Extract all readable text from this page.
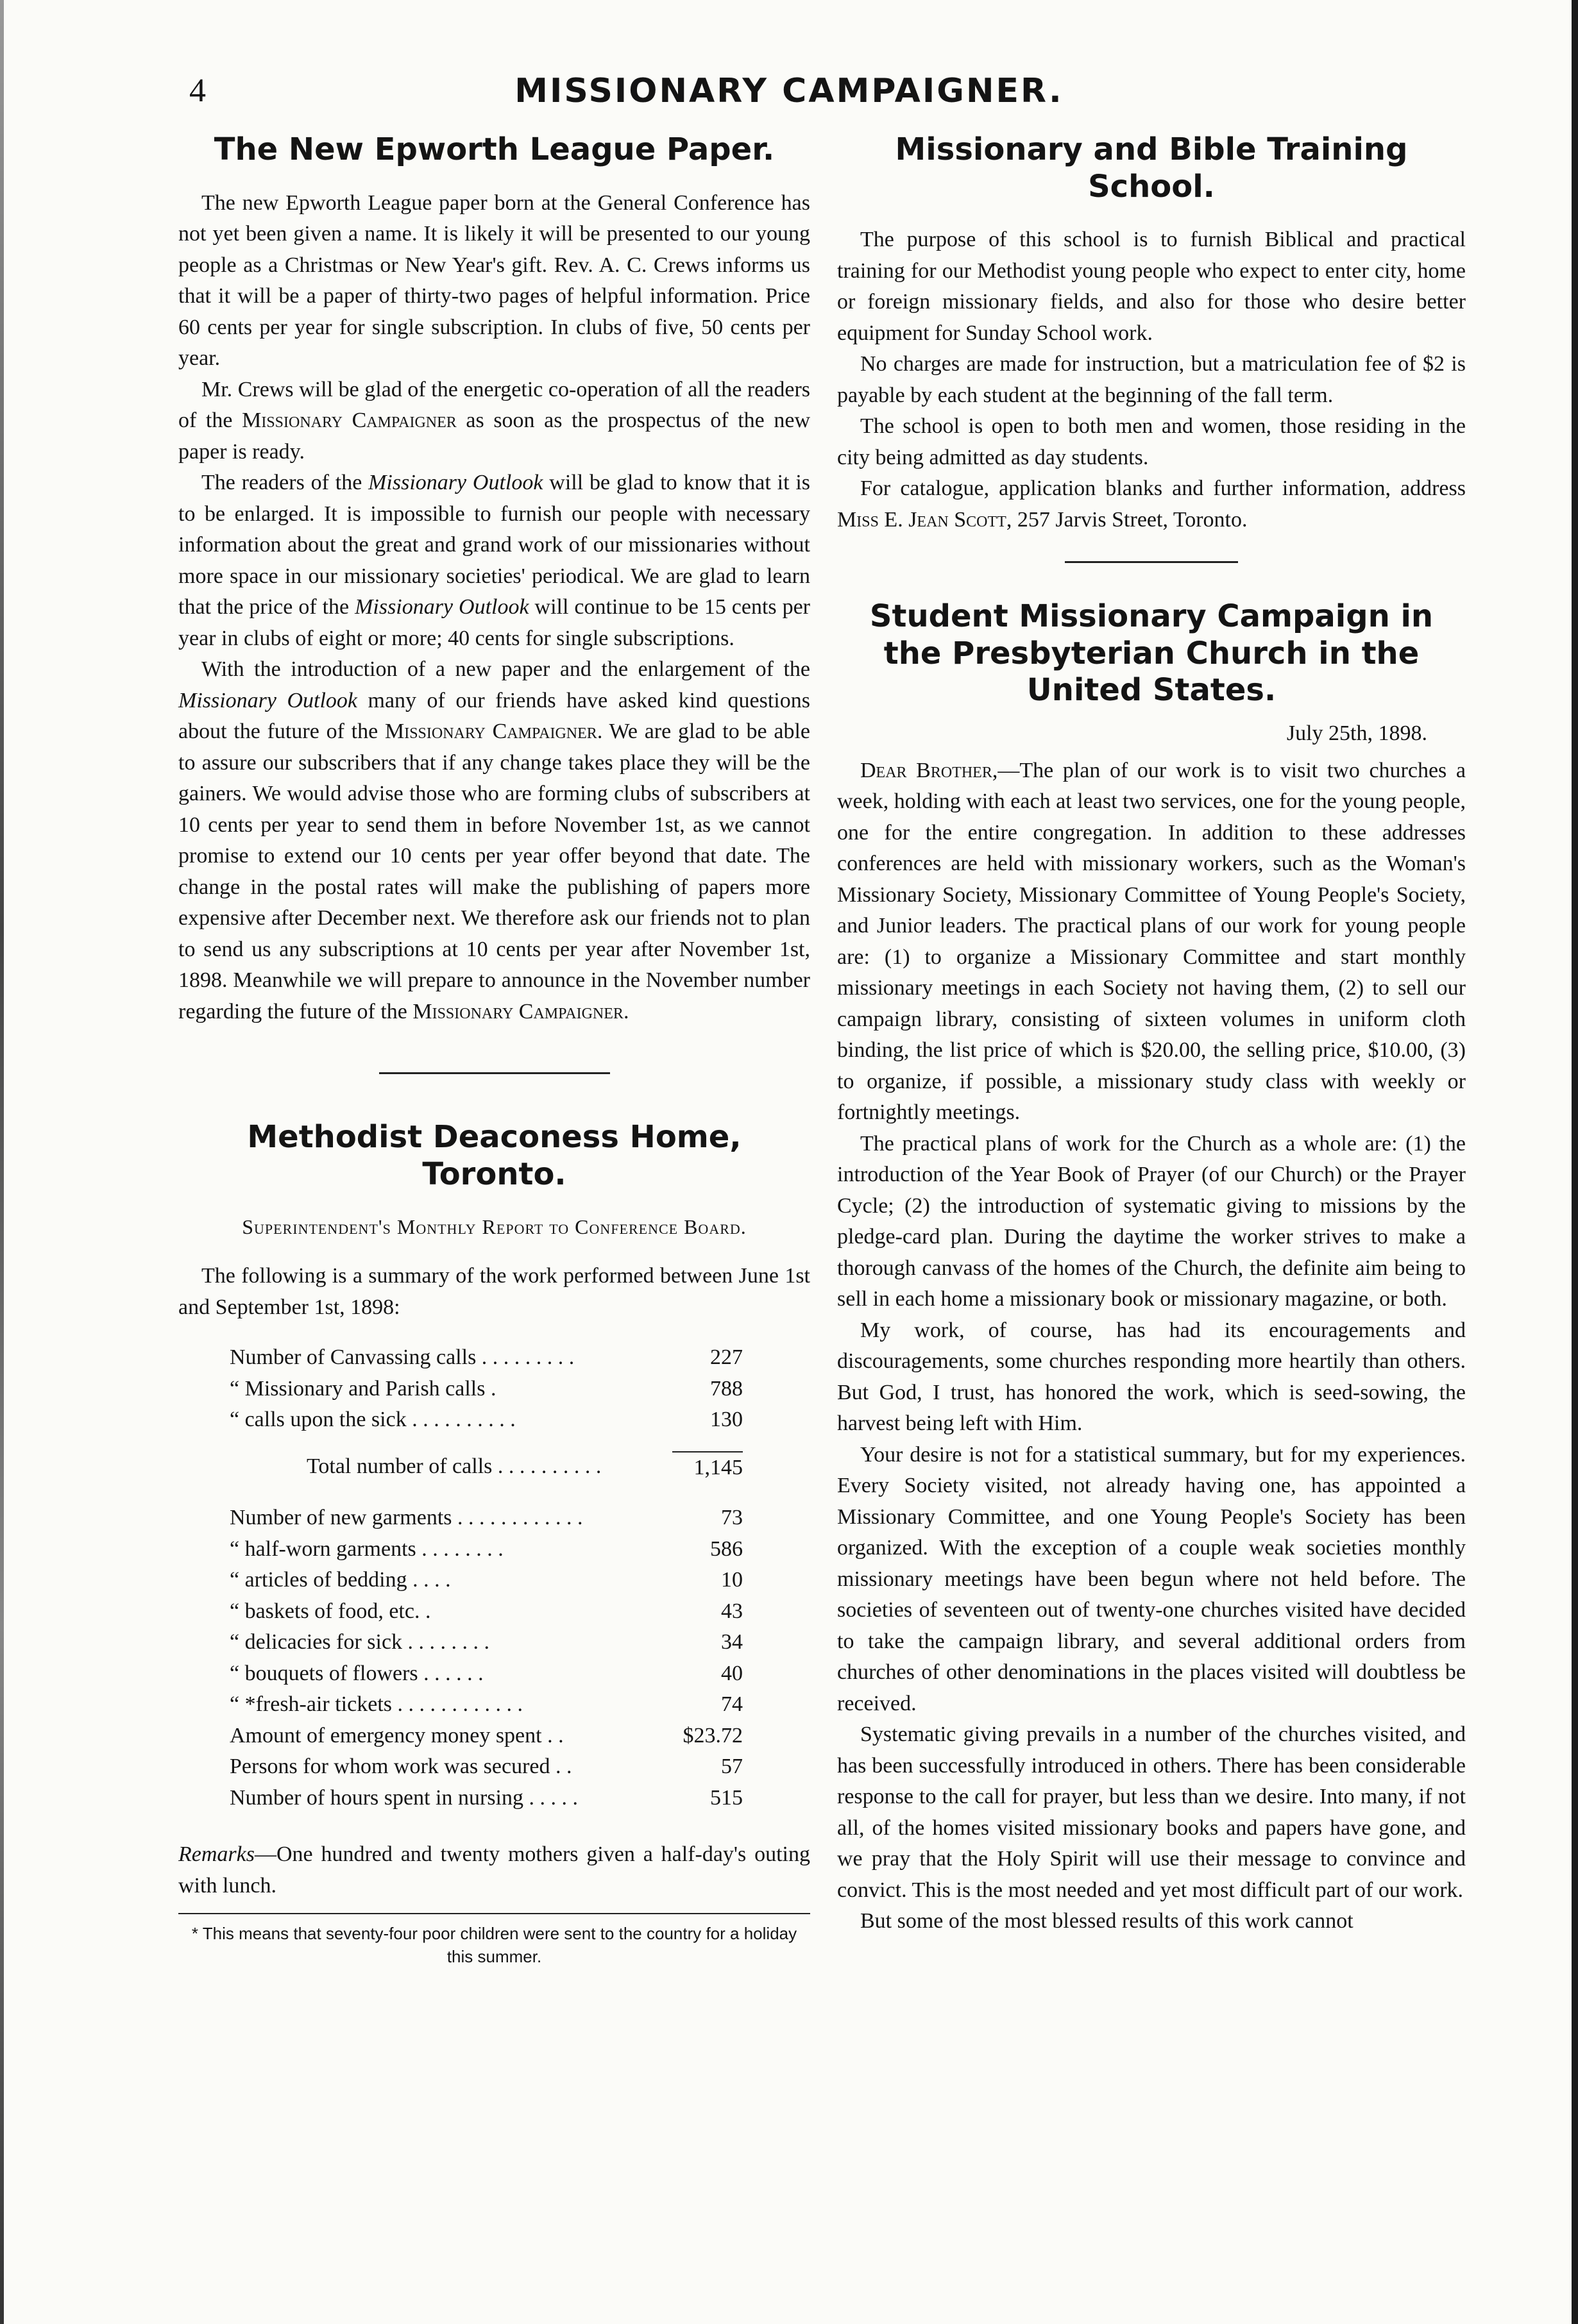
4	MISSIONARY CAMPAIGNER.
The New Epworth League Paper.

The new Epworth League paper born at the General Conference has not yet been given a name. It is likely it will be presented to our young people as a Christmas or New Year's gift. Rev. A. C. Crews informs us that it will be a paper of thirty-two pages of helpful information. Price 60 cents per year for single subscription. In clubs of five, 50 cents per year.

Mr. Crews will be glad of the energetic co-operation of all the readers of the Missionary Campaigner as soon as the prospectus of the new paper is ready.

The readers of the Missionary Outlook will be glad to know that it is to be enlarged. It is impossible to furnish our people with necessary information about the great and grand work of our missionaries without more space in our missionary societies' periodical. We are glad to learn that the price of the Missionary Outlook will continue to be 15 cents per year in clubs of eight or more; 40 cents for single subscriptions.

With the introduction of a new paper and the enlargement of the Missionary Outlook many of our friends have asked kind questions about the future of the Missionary Campaigner. We are glad to be able to assure our subscribers that if any change takes place they will be the gainers. We would advise those who are forming clubs of subscribers at 10 cents per year to send them in before November 1st, as we cannot promise to extend our 10 cents per year offer beyond that date. The change in the postal rates will make the publishing of papers more expensive after December next. We therefore ask our friends not to plan to send us any subscriptions at 10 cents per year after November 1st, 1898. Meanwhile we will prepare to announce in the November number regarding the future of the Missionary Campaigner.

Methodist Deaconess Home, Toronto.
Superintendent's Monthly Report to Conference Board.

The following is a summary of the work performed between June 1st and September 1st, 1898:

Number of Canvassing calls . . . . . . . . .	227
“ Missionary and Parish calls .	788
“ calls upon the sick . . . . . . . . . .	130
Total number of calls . . . . . . . . . .	1,145
Number of new garments . . . . . . . . . . . .	73
“ half-worn garments . . . . . . . .	586
“ articles of bedding . . . .	10
“ baskets of food, etc. .	43
“ delicacies for sick . . . . . . . .	34
“ bouquets of flowers . . . . . .	40
“ *fresh-air tickets . . . . . . . . . . . .	74
Amount of emergency money spent . .	$23.72
Persons for whom work was secured . .	57
Number of hours spent in nursing . . . . .	515

Remarks—One hundred and twenty mothers given a half-day's outing with lunch.

* This means that seventy-four poor children were sent to the country for a holiday this summer.

Missionary and Bible Training School.

The purpose of this school is to furnish Biblical and practical training for our Methodist young people who expect to enter city, home or foreign missionary fields, and also for those who desire better equipment for Sunday School work.

No charges are made for instruction, but a matriculation fee of $2 is payable by each student at the beginning of the fall term.

The school is open to both men and women, those residing in the city being admitted as day students.

For catalogue, application blanks and further information, address Miss E. Jean Scott, 257 Jarvis Street, Toronto.

Student Missionary Campaign in the Presbyterian Church in the United States.
July 25th, 1898.

Dear Brother,—The plan of our work is to visit two churches a week, holding with each at least two services, one for the young people, one for the entire congregation. In addition to these addresses conferences are held with missionary workers, such as the Woman's Missionary Society, Missionary Committee of Young People's Society, and Junior leaders. The practical plans of our work for young people are: (1) to organize a Missionary Committee and start monthly missionary meetings in each Society not having them, (2) to sell our campaign library, consisting of sixteen volumes in uniform cloth binding, the list price of which is $20.00, the selling price, $10.00, (3) to organize, if possible, a missionary study class with weekly or fortnightly meetings.

The practical plans of work for the Church as a whole are: (1) the introduction of the Year Book of Prayer (of our Church) or the Prayer Cycle; (2) the introduction of systematic giving to missions by the pledge-card plan. During the daytime the worker strives to make a thorough canvass of the homes of the Church, the definite aim being to sell in each home a missionary book or missionary magazine, or both.

My work, of course, has had its encouragements and discouragements, some churches responding more heartily than others. But God, I trust, has honored the work, which is seed-sowing, the harvest being left with Him.

Your desire is not for a statistical summary, but for my experiences. Every Society visited, not already having one, has appointed a Missionary Committee, and one Young People's Society has been organized. With the exception of a couple weak societies monthly missionary meetings have been begun where not held before. The societies of seventeen out of twenty-one churches visited have decided to take the campaign library, and several additional orders from churches of other denominations in the places visited will doubtless be received.

Systematic giving prevails in a number of the churches visited, and has been successfully introduced in others. There has been considerable response to the call for prayer, but less than we desire. Into many, if not all, of the homes visited missionary books and papers have gone, and we pray that the Holy Spirit will use their message to convince and convict. This is the most needed and yet most difficult part of our work.

But some of the most blessed results of this work cannot
